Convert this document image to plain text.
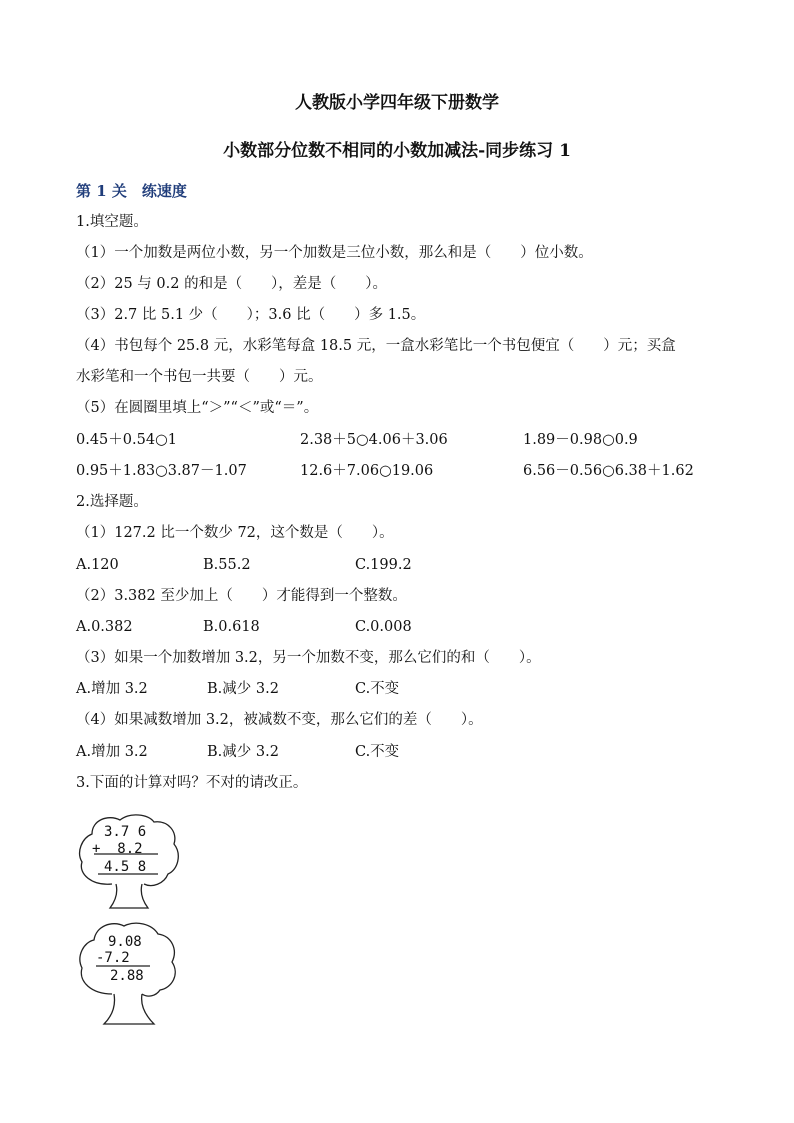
人教版小学四年级下册数学
小数部分位数不相同的小数加减法-同步练习 1
第 1 关　练速度
1.填空题。
（1）一个加数是两位小数，另一个加数是三位小数，那么和是（　　）位小数。
（2）25 与 0.2 的和是（　　），差是（　　）。
（3）2.7 比 5.1 少（　　）；3.6 比（　　）多 1.5。
（4）书包每个 25.8 元，水彩笔每盒 18.5 元，一盒水彩笔比一个书包便宜（　　）元；买盒
水彩笔和一个书包一共要（　　）元。
（5）在圆圈里填上“＞”“＜”或“＝”。
0.45＋0.54○1	2.38＋5○4.06＋3.06	1.89－0.98○0.9
0.95＋1.83○3.87－1.07	12.6＋7.06○19.06	6.56－0.56○6.38＋1.62
2.选择题。
（1）127.2 比一个数少 72，这个数是（　　）。
A.120	B.55.2	C.199.2
（2）3.382 至少加上（　　）才能得到一个整数。
A.0.382	B.0.618	C.0.008
（3）如果一个加数增加 3.2，另一个加数不变，那么它们的和（　　）。
A.增加 3.2	B.减少 3.2	C.不变
（4）如果减数增加 3.2，被减数不变，那么它们的差（　　）。
A.增加 3.2	B.减少 3.2	C.不变
3.下面的计算对吗？不对的请改正。
3.7 6
+  8.2
4.5 8
9.08
-7.2
2.88
